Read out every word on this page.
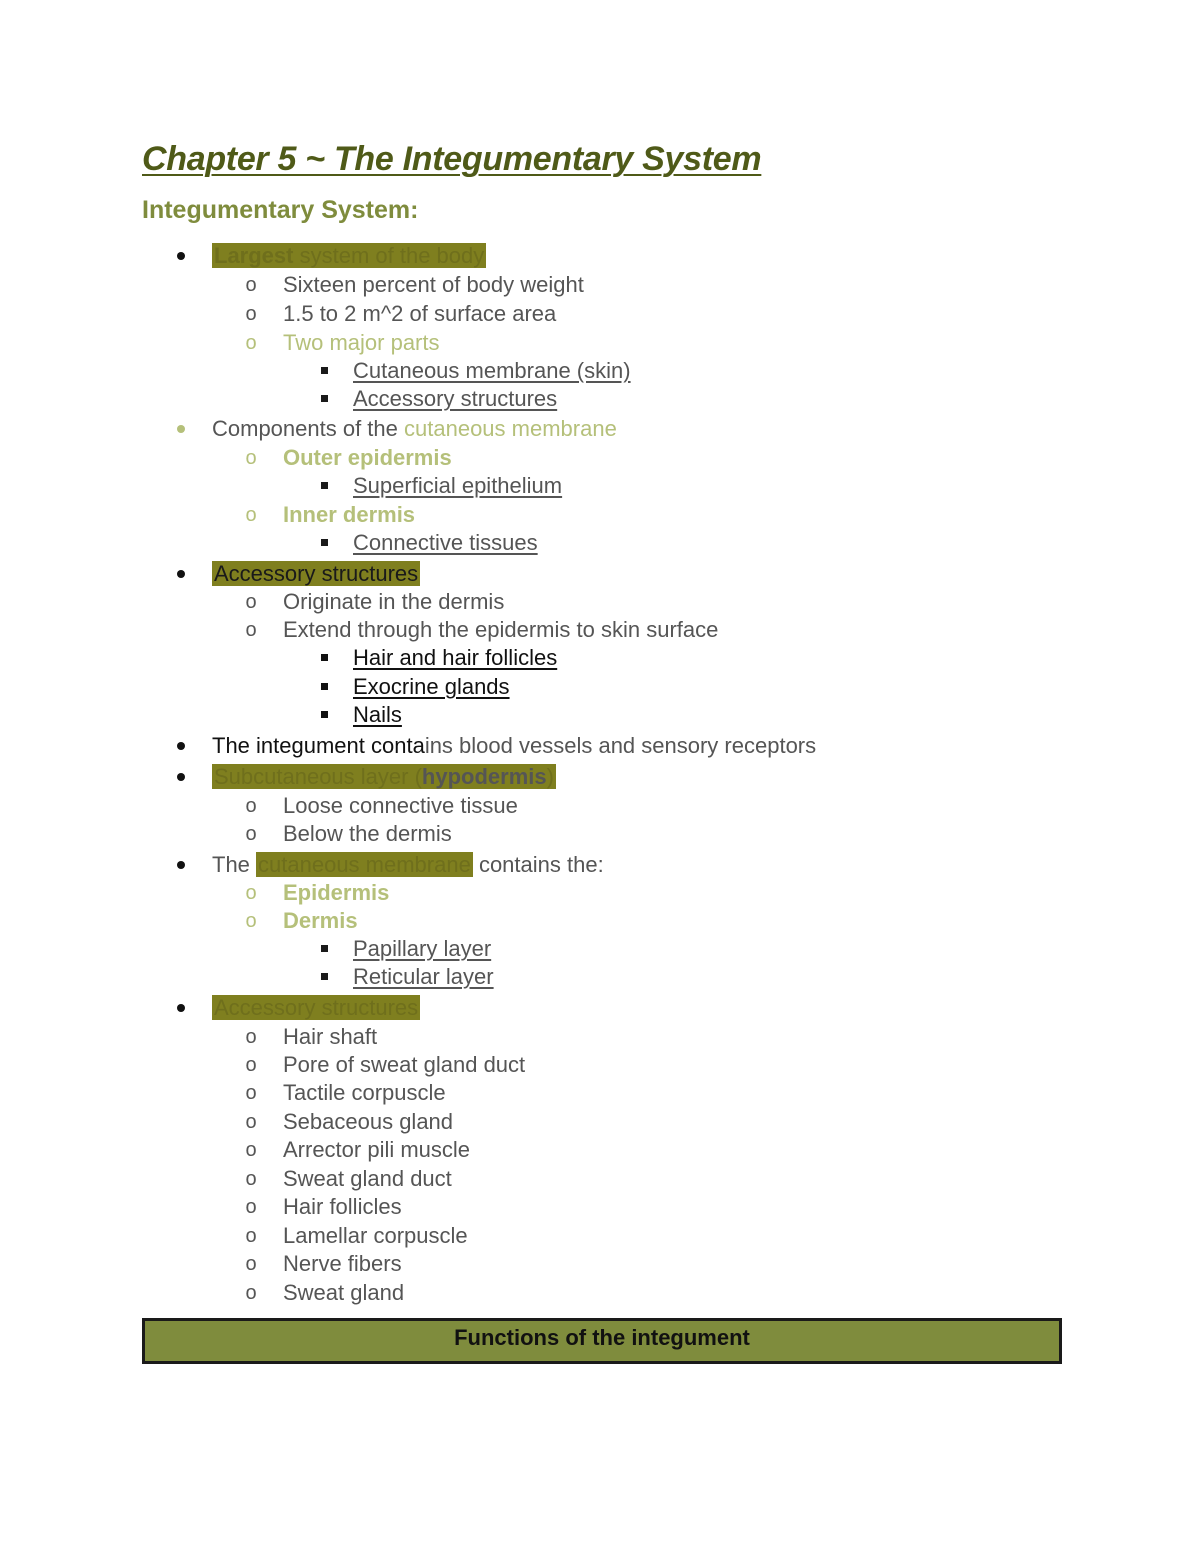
Chapter 5 ~ The Integumentary System
Integumentary System:
Largest system of the body
o Sixteen percent of body weight
o 1.5 to 2 m^2 of surface area
o Two major parts
Cutaneous membrane (skin)
Accessory structures
Components of the cutaneous membrane
o Outer epidermis
Superficial epithelium
o Inner dermis
Connective tissues
Accessory structures
o Originate in the dermis
o Extend through the epidermis to skin surface
Hair and hair follicles
Exocrine glands
Nails
The integument contains blood vessels and sensory receptors
Subcutaneous layer (hypodermis)
o Loose connective tissue
o Below the dermis
The cutaneous membrane contains the:
o Epidermis
o Dermis
Papillary layer
Reticular layer
Accessory structures
o Hair shaft
o Pore of sweat gland duct
o Tactile corpuscle
o Sebaceous gland
o Arrector pili muscle
o Sweat gland duct
o Hair follicles
o Lamellar corpuscle
o Nerve fibers
o Sweat gland
Functions of the integument
